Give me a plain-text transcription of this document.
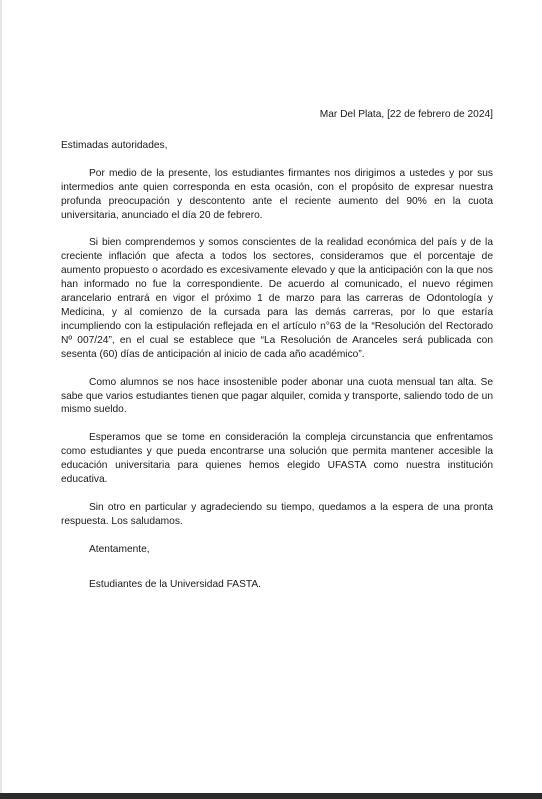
Mar Del Plata, [22 de febrero de 2024]

Estimadas autoridades,

Por medio de la presente, los estudiantes firmantes nos dirigimos a ustedes y por sus intermedios ante quien corresponda en esta ocasión, con el propósito de expresar nuestra profunda preocupación y descontento ante el reciente aumento del 90% en la cuota universitaria, anunciado el día 20 de febrero.

Si bien comprendemos y somos conscientes de la realidad económica del país y de la creciente inflación que afecta a todos los sectores, consideramos que el porcentaje de aumento propuesto o acordado es excesivamente elevado y que la anticipación con la que nos han informado no fue la correspondiente. De acuerdo al comunicado, el nuevo régimen arancelario entrará en vigor el próximo 1 de marzo para las carreras de Odontología y Medicina, y al comienzo de la cursada para las demás carreras, por lo que estaría incumpliendo con la estipulación reflejada en el artículo n°63 de la “Resolución del Rectorado Nº 007/24”, en el cual se establece que “La Resolución de Aranceles será publicada con sesenta (60) días de anticipación al inicio de cada año académico”.

Como alumnos se nos hace insostenible poder abonar una cuota mensual tan alta. Se sabe que varios estudiantes tienen que pagar alquiler, comida y transporte, saliendo todo de un mismo sueldo.

Esperamos que se tome en consideración la compleja circunstancia que enfrentamos como estudiantes y que pueda encontrarse una solución que permita mantener accesible la educación universitaria para quienes hemos elegido UFASTA como nuestra institución educativa.

Sin otro en particular y agradeciendo su tiempo, quedamos a la espera de una pronta respuesta. Los saludamos.

Atentamente,

Estudiantes de la Universidad FASTA.
